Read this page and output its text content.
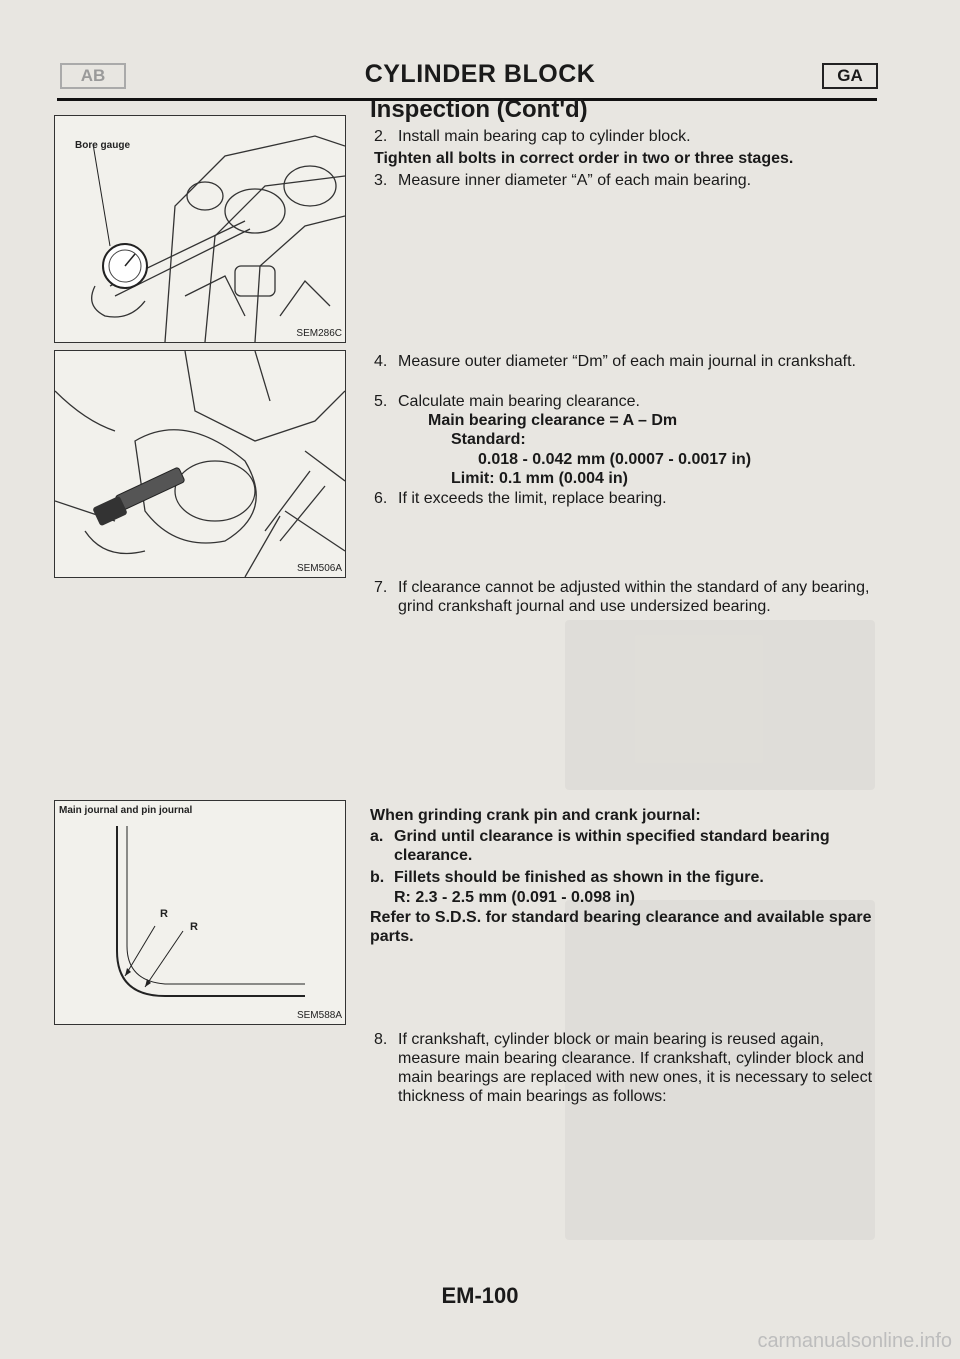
AB	CYLINDER BLOCK	GA
Inspection (Cont'd)
Bore gauge
SEM286C
SEM506A
Main journal and pin journal
R
R
SEM588A
2. Install main bearing cap to cylinder block.
Tighten all bolts in correct order in two or three stages.
3. Measure inner diameter “A” of each main bearing.
4. Measure outer diameter “Dm” of each main journal in crankshaft.
5. Calculate main bearing clearance.
Main bearing clearance = A – Dm
Standard:
0.018 - 0.042 mm (0.0007 - 0.0017 in)
Limit: 0.1 mm (0.004 in)
6. If it exceeds the limit, replace bearing.
7. If clearance cannot be adjusted within the standard of any bearing, grind crankshaft journal and use undersized bearing.
When grinding crank pin and crank journal:
a. Grind until clearance is within specified standard bearing clearance.
b. Fillets should be finished as shown in the figure.
R: 2.3 - 2.5 mm (0.091 - 0.098 in)
Refer to S.D.S. for standard bearing clearance and available spare parts.
8. If crankshaft, cylinder block or main bearing is reused again, measure main bearing clearance. If crankshaft, cylinder block and main bearings are replaced with new ones, it is necessary to select thickness of main bearings as follows:
EM-100
carmanualsonline.info
